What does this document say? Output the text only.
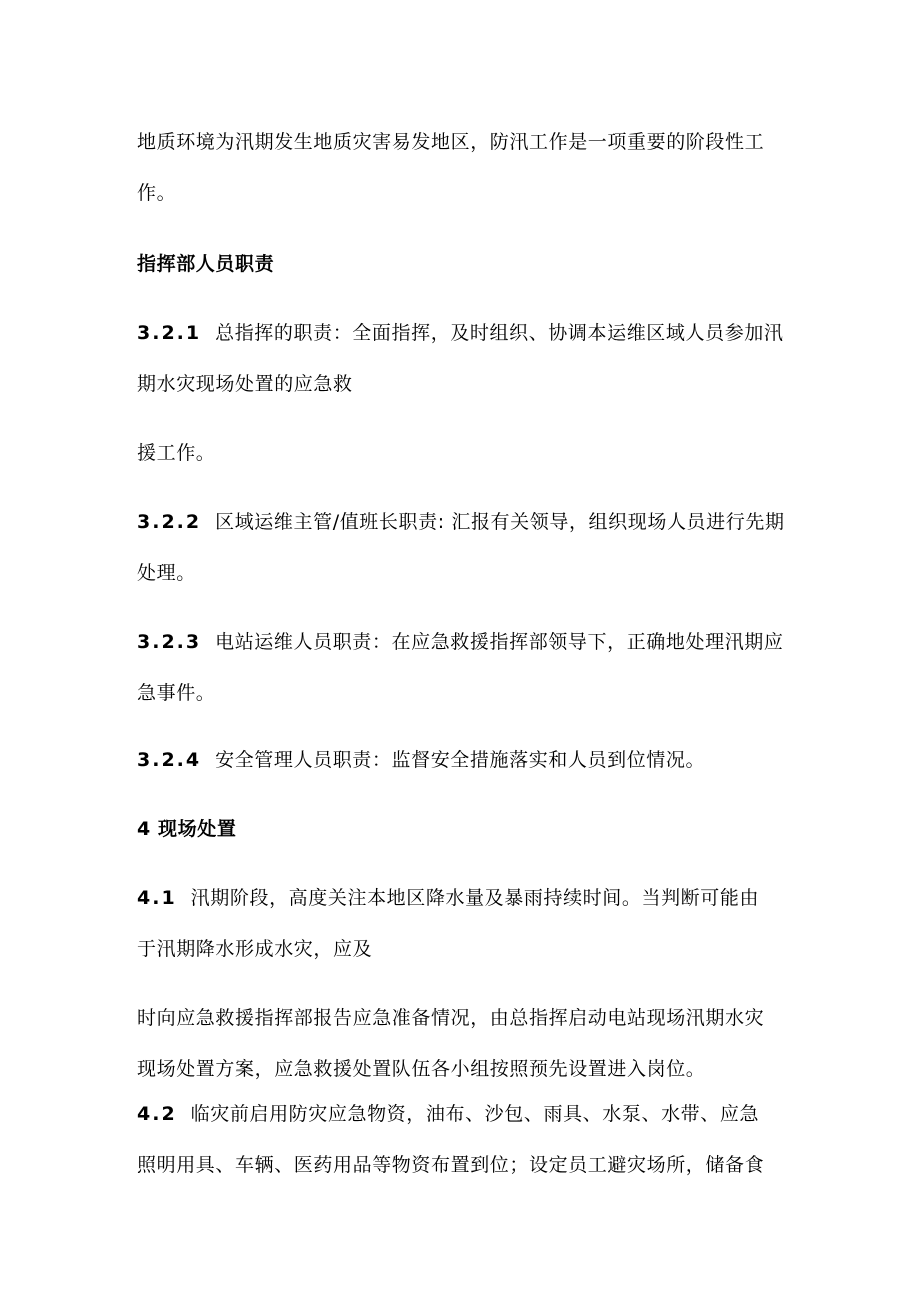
地质环境为汛期发生地质灾害易发地区，防汛工作是一项重要的阶段性工

作。

指挥部人员职责

3.2.1 总指挥的职责：全面指挥，及时组织、协调本运维区域人员参加汛

期水灾现场处置的应急救

援工作。

3.2.2 区域运维主管/值班长职责: 汇报有关领导，组织现场人员进行先期

处理。

3.2.3 电站运维人员职责：在应急救援指挥部领导下，正确地处理汛期应

急事件。

3.2.4 安全管理人员职责：监督安全措施落实和人员到位情况。

4 现场处置

4.1 汛期阶段，高度关注本地区降水量及暴雨持续时间。当判断可能由

于汛期降水形成水灾，应及

时向应急救援指挥部报告应急准备情况，由总指挥启动电站现场汛期水灾

现场处置方案，应急救援处置队伍各小组按照预先设置进入岗位。

4.2 临灾前启用防灾应急物资，油布、沙包、雨具、水泵、水带、应急

照明用具、车辆、医药用品等物资布置到位；设定员工避灾场所，储备食
